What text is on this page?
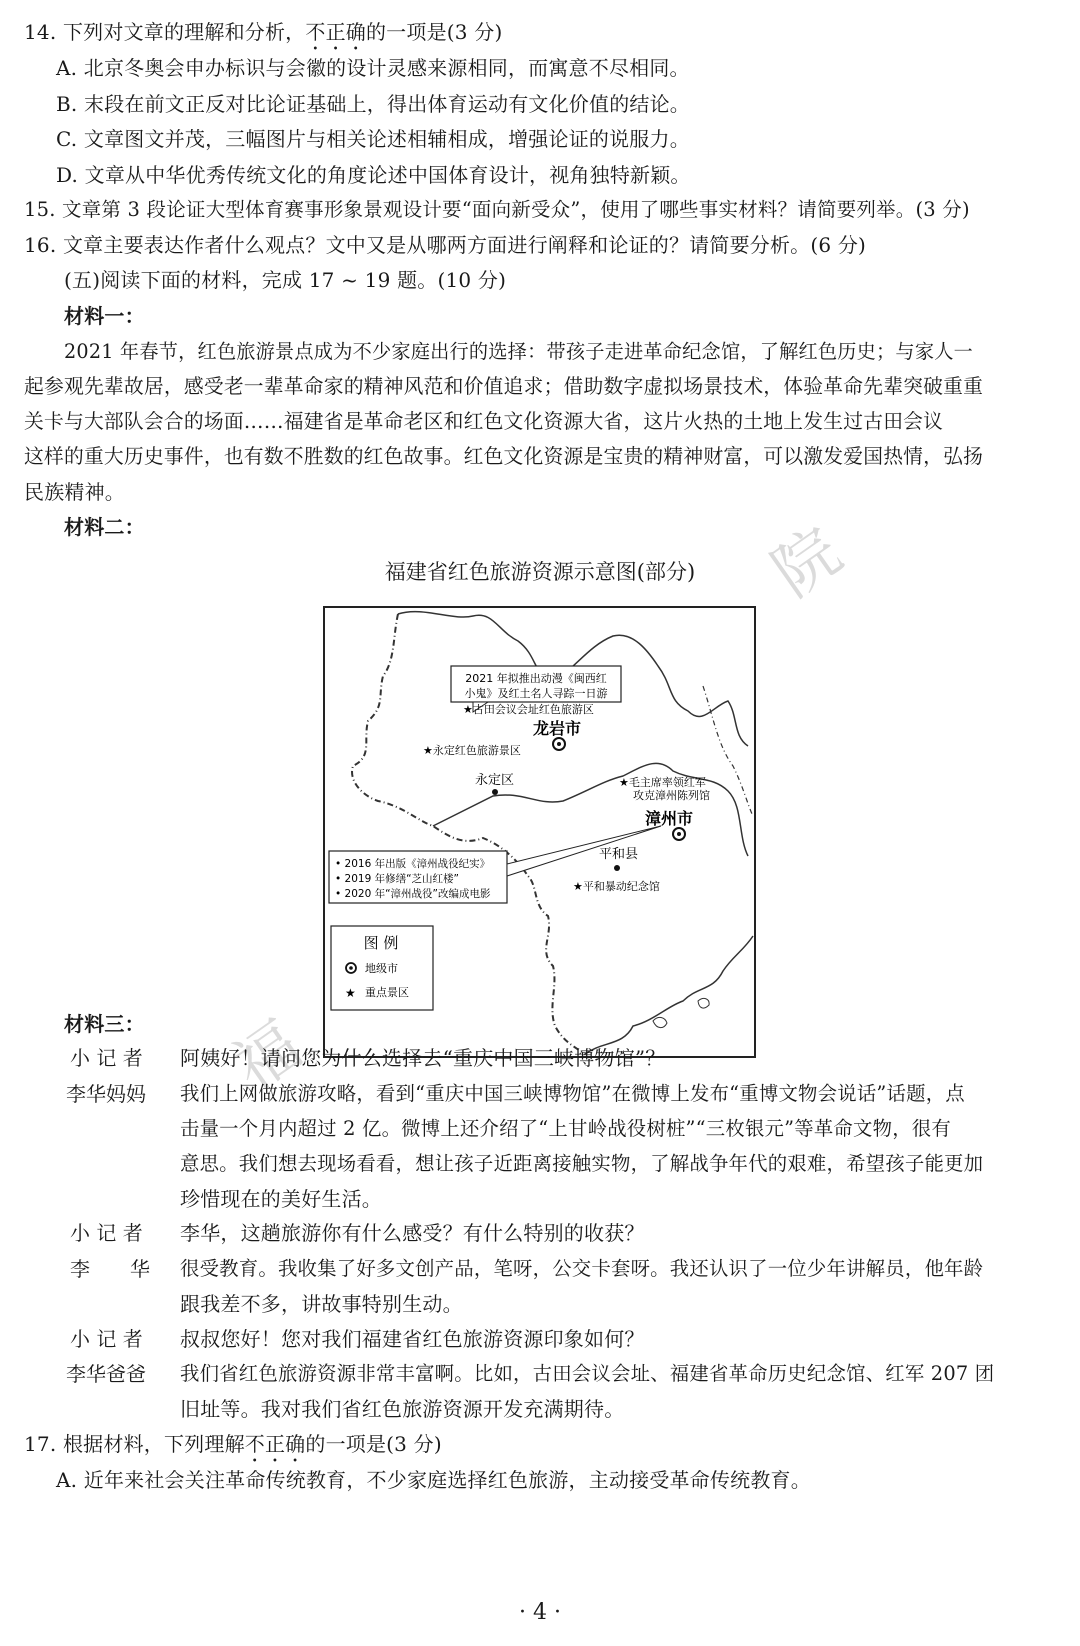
院
福
14. 下列对文章的理解和分析，不正确的一项是(3 分)
A. 北京冬奥会申办标识与会徽的设计灵感来源相同，而寓意不尽相同。
B. 末段在前文正反对比论证基础上，得出体育运动有文化价值的结论。
C. 文章图文并茂，三幅图片与相关论述相辅相成，增强论证的说服力。
D. 文章从中华优秀传统文化的角度论述中国体育设计，视角独特新颖。
15. 文章第 3 段论证大型体育赛事形象景观设计要“面向新受众”，使用了哪些事实材料？请简要列举。(3 分)
16. 文章主要表达作者什么观点？文中又是从哪两方面进行阐释和论证的？请简要分析。(6 分)
(五)阅读下面的材料，完成 17 ~ 19 题。(10 分)
材料一：
2021 年春节，红色旅游景点成为不少家庭出行的选择：带孩子走进革命纪念馆，了解红色历史；与家人一
起参观先辈故居，感受老一辈革命家的精神风范和价值追求；借助数字虚拟场景技术，体验革命先辈突破重重
关卡与大部队会合的场面……福建省是革命老区和红色文化资源大省，这片火热的土地上发生过古田会议
这样的重大历史事件，也有数不胜数的红色故事。红色文化资源是宝贵的精神财富，可以激发爱国热情，弘扬
民族精神。
材料二：
福建省红色旅游资源示意图(部分)
2021 年拟推出动漫《闽西红
小鬼》及红土名人寻踪一日游
★古田会议会址红色旅游区
龙岩市
★永定红色旅游景区
永定区	★毛主席率领红军
攻克漳州陈列馆
漳州市
平和县
★平和暴动纪念馆
• 2016 年出版《漳州战役纪实》
• 2019 年修缮“芝山红楼”
• 2020 年“漳州战役”改编成电影
图 例
地级市
★ 重点景区
材料三：
小 记 者 阿姨好！请问您为什么选择去“重庆中国三峡博物馆”？
李华妈妈 我们上网做旅游攻略，看到“重庆中国三峡博物馆”在微博上发布“重博文物会说话”话题，点
击量一个月内超过 2 亿。微博上还介绍了“上甘岭战役树桩”“三枚银元”等革命文物，很有
意思。我们想去现场看看，想让孩子近距离接触实物，了解战争年代的艰难，希望孩子能更加
珍惜现在的美好生活。
小 记 者 李华，这趟旅游你有什么感受？有什么特别的收获？
李　　华 很受教育。我收集了好多文创产品，笔呀，公交卡套呀。我还认识了一位少年讲解员，他年龄
跟我差不多，讲故事特别生动。
小 记 者 叔叔您好！您对我们福建省红色旅游资源印象如何？
李华爸爸 我们省红色旅游资源非常丰富啊。比如，古田会议会址、福建省革命历史纪念馆、红军 207 团
旧址等。我对我们省红色旅游资源开发充满期待。
17. 根据材料，下列理解不正确的一项是(3 分)
A. 近年来社会关注革命传统教育，不少家庭选择红色旅游，主动接受革命传统教育。
· 4 ·
